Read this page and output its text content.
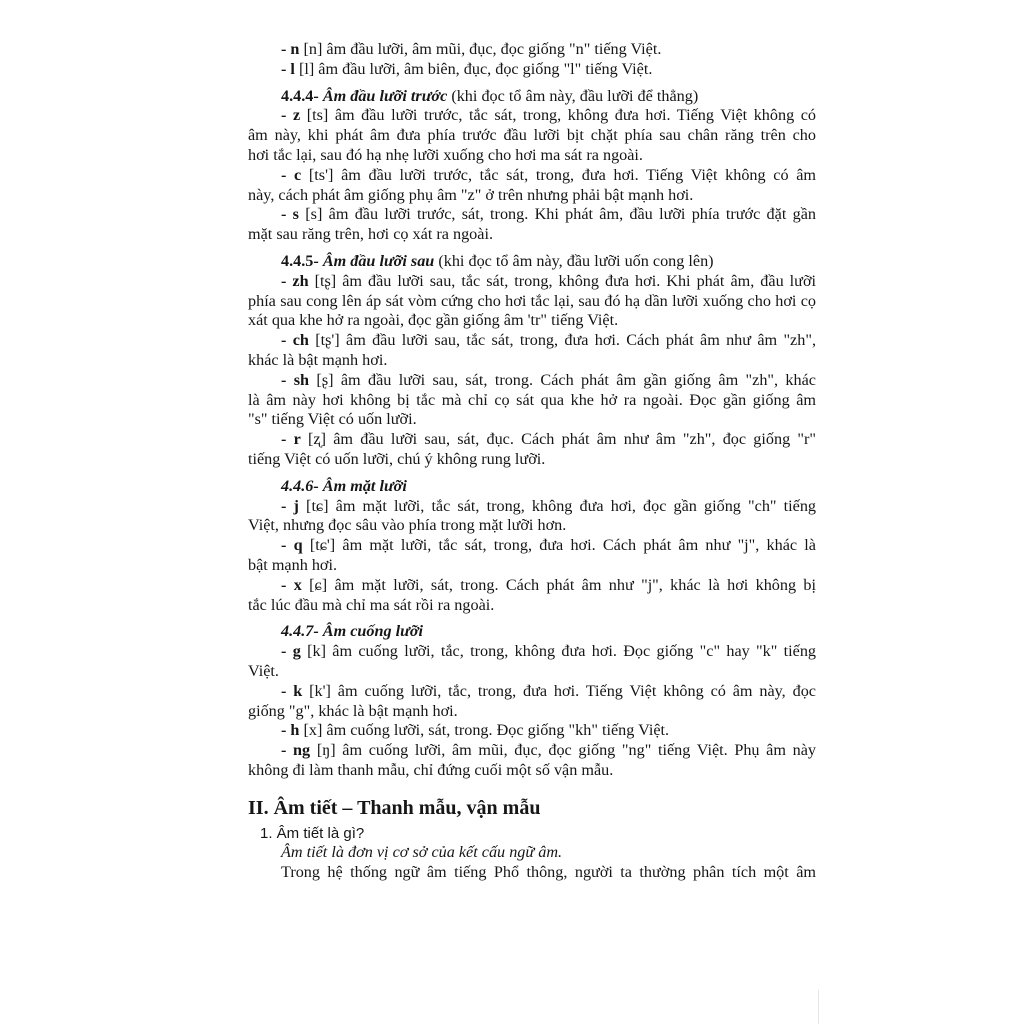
- n [n] âm đầu lưỡi, âm mũi, đục, đọc giống "n" tiếng Việt.
- l [l] âm đầu lưỡi, âm biên, đục, đọc giống "l" tiếng Việt.
4.4.4- Âm đầu lưỡi trước (khi đọc tổ âm này, đầu lưỡi để thẳng)
- z [ts] âm đầu lưỡi trước, tắc sát, trong, không đưa hơi. Tiếng Việt không có
âm này, khi phát âm đưa phía trước đầu lưỡi bịt chặt phía sau chân răng trên cho
hơi tắc lại, sau đó hạ nhẹ lưỡi xuống cho hơi ma sát ra ngoài.
- c [ts'] âm đầu lưỡi trước, tắc sát, trong, đưa hơi. Tiếng Việt không có âm
này, cách phát âm giống phụ âm "z" ở trên nhưng phải bật mạnh hơi.
- s [s] âm đầu lưỡi trước, sát, trong. Khi phát âm, đầu lưỡi phía trước đặt gần
mặt sau răng trên, hơi cọ xát ra ngoài.
4.4.5- Âm đầu lưỡi sau (khi đọc tổ âm này, đầu lưỡi uốn cong lên)
- zh [tʂ] âm đầu lưỡi sau, tắc sát, trong, không đưa hơi. Khi phát âm, đầu lưỡi
phía sau cong lên áp sát vòm cứng cho hơi tắc lại, sau đó hạ dần lưỡi xuống cho hơi cọ
xát qua khe hở ra ngoài, đọc gần giống âm 'tr" tiếng Việt.
- ch [tʂ'] âm đầu lưỡi sau, tắc sát, trong, đưa hơi. Cách phát âm như âm "zh",
khác là bật mạnh hơi.
- sh [ʂ] âm đầu lưỡi sau, sát, trong. Cách phát âm gần giống âm "zh", khác
là âm này hơi không bị tắc mà chỉ cọ sát qua khe hở ra ngoài. Đọc gần giống âm
"s" tiếng Việt có uốn lưỡi.
- r [ʐ] âm đầu lưỡi sau, sát, đục. Cách phát âm như âm "zh", đọc giống "r"
tiếng Việt có uốn lưỡi, chú ý không rung lưỡi.
4.4.6- Âm mặt lưỡi
- j [tɕ] âm mặt lưỡi, tắc sát, trong, không đưa hơi, đọc gần giống "ch" tiếng
Việt, nhưng đọc sâu vào phía trong mặt lưỡi hơn.
- q [tɕ'] âm mặt lưỡi, tắc sát, trong, đưa hơi. Cách phát âm như "j", khác là
bật mạnh hơi.
- x [ɕ] âm mặt lưỡi, sát, trong. Cách phát âm như "j", khác là hơi không bị
tắc lúc đầu mà chỉ ma sát rồi ra ngoài.
4.4.7- Âm cuống lưỡi
- g [k] âm cuống lưỡi, tắc, trong, không đưa hơi. Đọc giống "c" hay "k" tiếng
Việt.
- k [k'] âm cuống lưỡi, tắc, trong, đưa hơi. Tiếng Việt không có âm này, đọc
giống "g", khác là bật mạnh hơi.
- h [x] âm cuống lưỡi, sát, trong. Đọc giống "kh" tiếng Việt.
- ng [ŋ] âm cuống lưỡi, âm mũi, đục, đọc giống "ng" tiếng Việt. Phụ âm này
không đi làm thanh mẫu, chỉ đứng cuối một số vận mẫu.
II. Âm tiết – Thanh mẫu, vận mẫu
1. Âm tiết là gì?
Âm tiết là đơn vị cơ sở của kết cấu ngữ âm.
Trong hệ thống ngữ âm tiếng Phổ thông, người ta thường phân tích một âm
